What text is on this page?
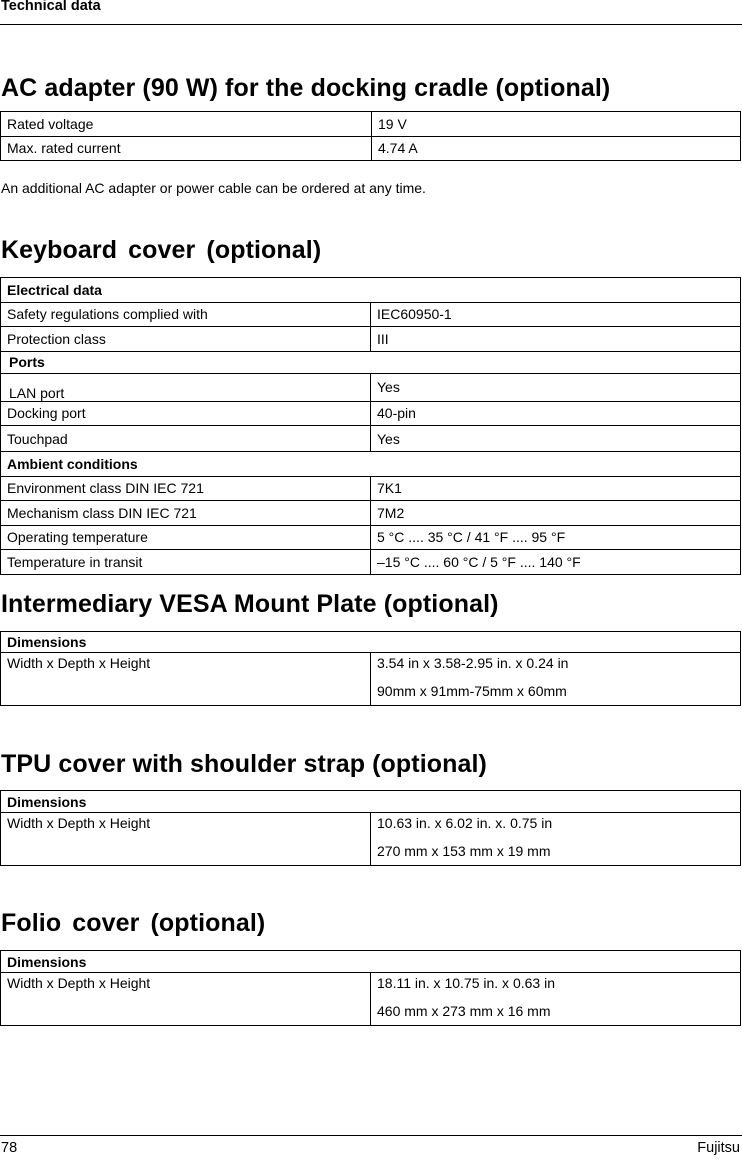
Technical data
AC adapter (90 W) for the docking cradle (optional)
Rated voltage	19 V
Max. rated current	4.74 A
An additional AC adapter or power cable can be ordered at any time.
Keyboard cover (optional)
Electrical data	
Safety regulations complied with	IEC60950-1
Protection class	III
Ports	
LAN port	Yes
Docking port	40-pin
Touchpad	Yes
Ambient conditions	
Environment class DIN IEC 721	7K1
Mechanism class DIN IEC 721	7M2
Operating temperature	5 °C .... 35 °C / 41 °F .... 95 °F
Temperature in transit	–15 °C .... 60 °C / 5 °F .... 140 °F
Intermediary VESA Mount Plate (optional)
Dimensions
Width x Depth x Height	3.54 in x 3.58-2.95 in. x 0.24 in
90mm x 91mm-75mm x 60mm
TPU cover with shoulder strap (optional)
Dimensions
Width x Depth x Height	10.63 in. x 6.02 in. x. 0.75 in
270 mm x 153 mm x 19 mm
Folio cover (optional)
Dimensions
Width x Depth x Height	18.11 in. x 10.75 in. x 0.63 in
460 mm x 273 mm x 16 mm
78	Fujitsu
